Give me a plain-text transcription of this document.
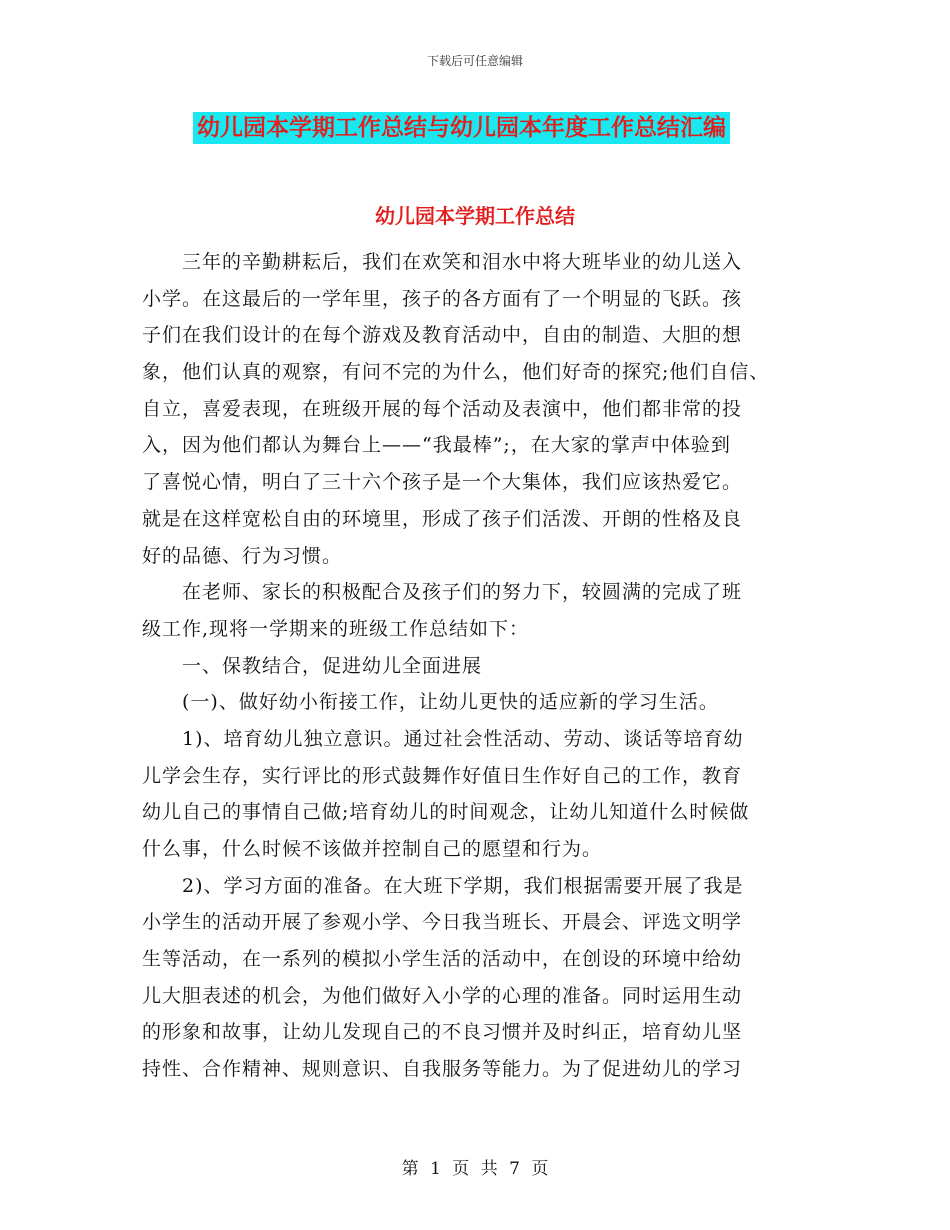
下载后可任意编辑
幼儿园本学期工作总结与幼儿园本年度工作总结汇编
幼儿园本学期工作总结
　　三年的辛勤耕耘后，我们在欢笑和泪水中将大班毕业的幼儿送入
小学。在这最后的一学年里，孩子的各方面有了一个明显的飞跃。孩
子们在我们设计的在每个游戏及教育活动中，自由的制造、大胆的想
象，他们认真的观察，有问不完的为什么，他们好奇的探究;他们自信、
自立，喜爱表现，在班级开展的每个活动及表演中，他们都非常的投
入，因为他们都认为舞台上——“我最棒”;，在大家的掌声中体验到
了喜悦心情，明白了三十六个孩子是一个大集体，我们应该热爱它。
就是在这样宽松自由的环境里，形成了孩子们活泼、开朗的性格及良
好的品德、行为习惯。
　　在老师、家长的积极配合及孩子们的努力下，较圆满的完成了班
级工作,现将一学期来的班级工作总结如下：
　　一、保教结合，促进幼儿全面进展
　　(一)、做好幼小衔接工作，让幼儿更快的适应新的学习生活。
　　1)、培育幼儿独立意识。通过社会性活动、劳动、谈话等培育幼
儿学会生存，实行评比的形式鼓舞作好值日生作好自己的工作，教育
幼儿自己的事情自己做;培育幼儿的时间观念，让幼儿知道什么时候做
什么事，什么时候不该做并控制自己的愿望和行为。
　　2)、学习方面的准备。在大班下学期，我们根据需要开展了我是
小学生的活动开展了参观小学、今日我当班长、开晨会、评选文明学
生等活动，在一系列的模拟小学生活的活动中，在创设的环境中给幼
儿大胆表述的机会，为他们做好入小学的心理的准备。同时运用生动
的形象和故事，让幼儿发现自己的不良习惯并及时纠正，培育幼儿坚
持性、合作精神、规则意识、自我服务等能力。为了促进幼儿的学习
第 1 页 共 7 页
